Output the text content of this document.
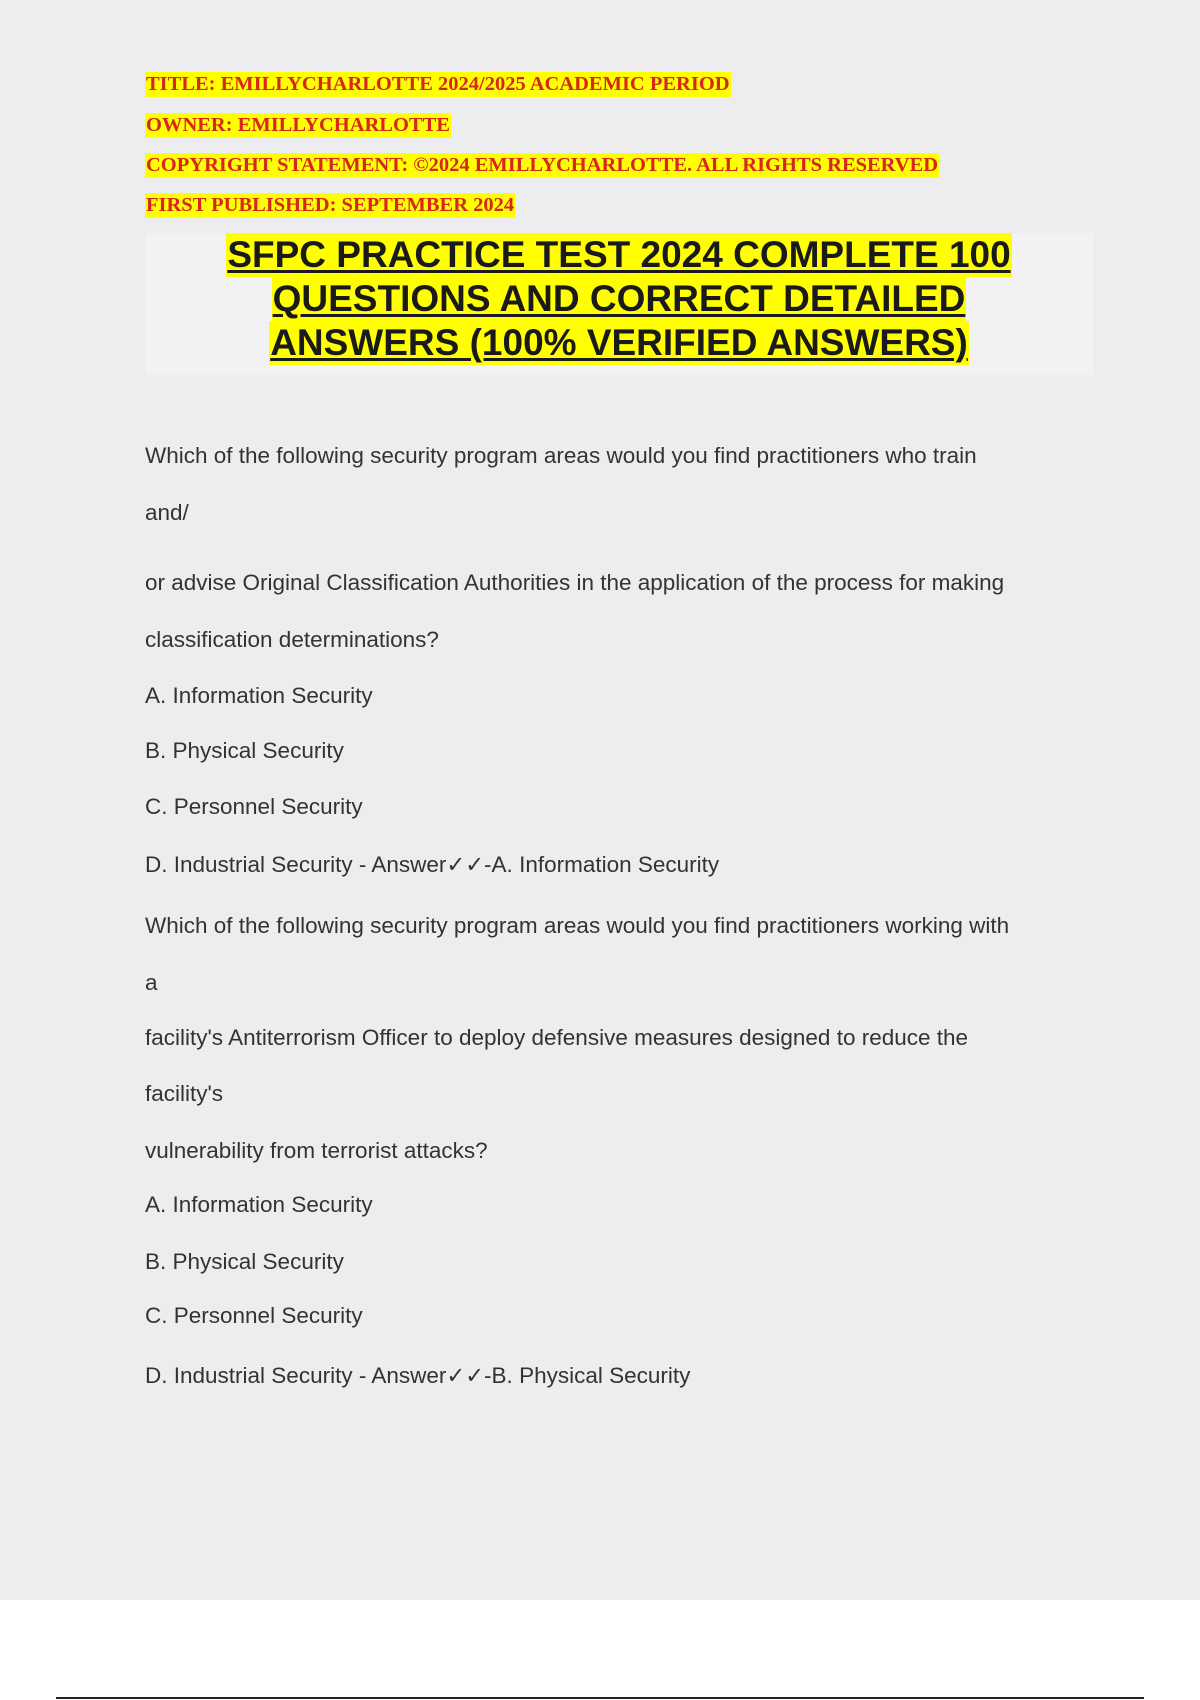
TITLE: EMILLYCHARLOTTE 2024/2025 ACADEMIC PERIOD
OWNER: EMILLYCHARLOTTE
COPYRIGHT STATEMENT: ©2024 EMILLYCHARLOTTE. ALL RIGHTS RESERVED
FIRST PUBLISHED: SEPTEMBER 2024
SFPC PRACTICE TEST 2024 COMPLETE 100
QUESTIONS AND CORRECT DETAILED
ANSWERS (100% VERIFIED ANSWERS)
Which of the following security program areas would you find practitioners who train
and/
or advise Original Classification Authorities in the application of the process for making
classification determinations?
A. Information Security
B. Physical Security
C. Personnel Security
D. Industrial Security - Answer✓✓-A. Information Security
Which of the following security program areas would you find practitioners working with
a
facility's Antiterrorism Officer to deploy defensive measures designed to reduce the
facility's
vulnerability from terrorist attacks?
A. Information Security
B. Physical Security
C. Personnel Security
D. Industrial Security - Answer✓✓-B. Physical Security
